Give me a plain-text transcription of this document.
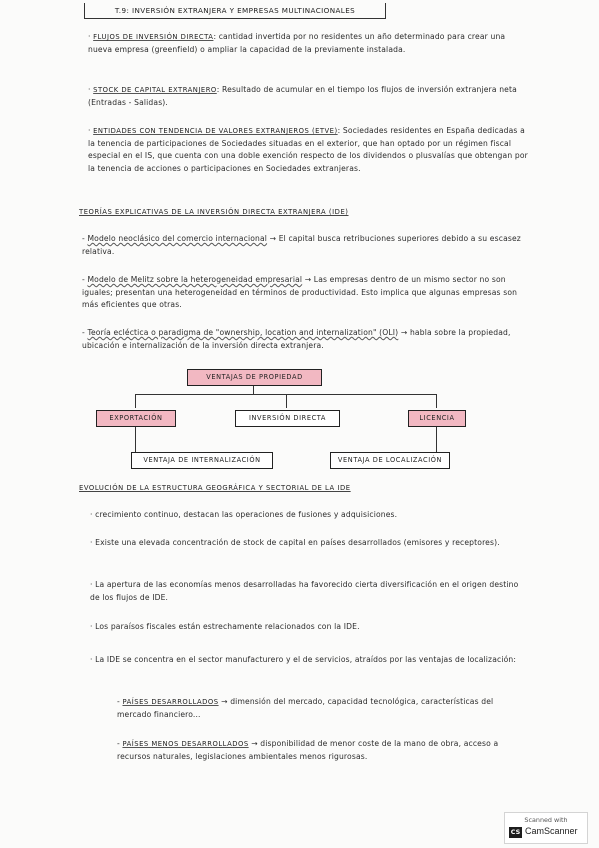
T.9: INVERSIÓN EXTRANJERA Y EMPRESAS MULTINACIONALES
· FLUJOS DE INVERSIÓN DIRECTA: cantidad invertida por no residentes un año determinado para crear una nueva empresa (greenfield) o ampliar la capacidad de la previamente instalada.
· STOCK DE CAPITAL EXTRANJERO: Resultado de acumular en el tiempo los flujos de inversión extranjera neta (Entradas - Salidas).
· ENTIDADES CON TENDENCIA DE VALORES EXTRANJEROS (ETVE): Sociedades residentes en España dedicadas a la tenencia de participaciones de Sociedades situadas en el exterior, que han optado por un régimen fiscal especial en el IS, que cuenta con una doble exención respecto de los dividendos o plusvalías que obtengan por la tenencia de acciones o participaciones en Sociedades extranjeras.
TEORÍAS EXPLICATIVAS DE LA INVERSIÓN DIRECTA EXTRANJERA (IDE)
- Modelo neoclásico del comercio internacional → El capital busca retribuciones superiores debido a su escasez relativa.
- Modelo de Melitz sobre la heterogeneidad empresarial → Las empresas dentro de un mismo sector no son iguales; presentan una heterogeneidad en términos de productividad. Esto implica que algunas empresas son más eficientes que otras.
- Teoría ecléctica o paradigma de "ownership, location and internalization" (OLI) → habla sobre la propiedad, ubicación e internalización de la inversión directa extranjera.
VENTAJAS DE PROPIEDAD
EXPORTACIÓN	INVERSIÓN DIRECTA	LICENCIA
VENTAJA DE INTERNALIZACIÓN	VENTAJA DE LOCALIZACIÓN
EVOLUCIÓN DE LA ESTRUCTURA GEOGRÁFICA Y SECTORIAL DE LA IDE
· crecimiento continuo, destacan las operaciones de fusiones y adquisiciones.
· Existe una elevada concentración de stock de capital en países desarrollados (emisores y receptores).
· La apertura de las economías menos desarrolladas ha favorecido cierta diversificación en el origen destino de los flujos de IDE.
· Los paraísos fiscales están estrechamente relacionados con la IDE.
· La IDE se concentra en el sector manufacturero y el de servicios, atraídos por las ventajas de localización:
- PAÍSES DESARROLLADOS → dimensión del mercado, capacidad tecnológica, características del mercado financiero...
- PAÍSES MENOS DESARROLLADOS → disponibilidad de menor coste de la mano de obra, acceso a recursos naturales, legislaciones ambientales menos rigurosas.
Scanned with
CS CamScanner
